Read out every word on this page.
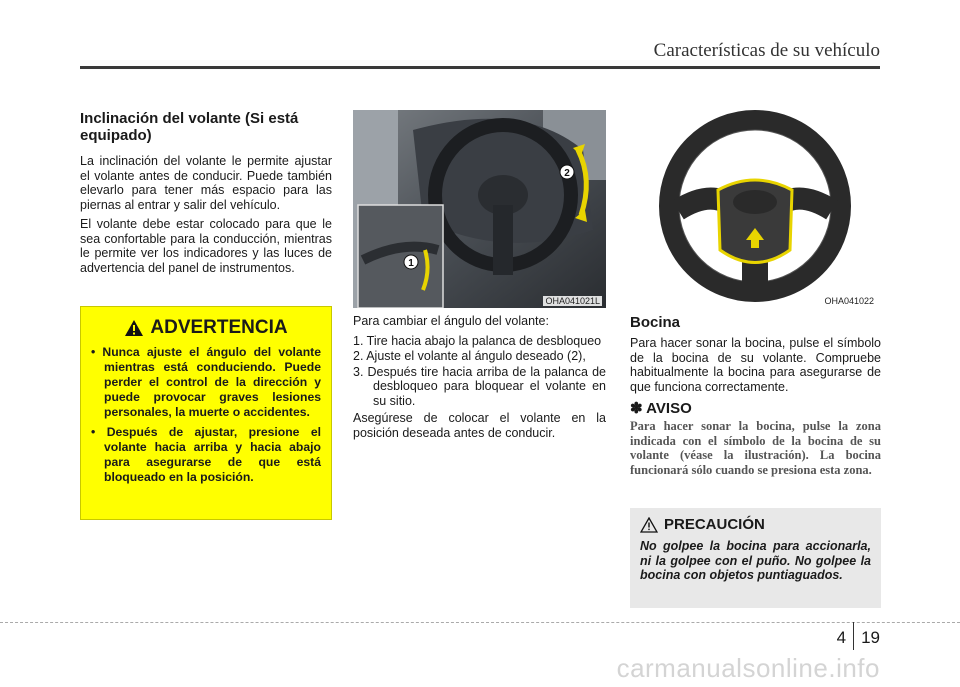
Características de su vehículo
Inclinación del volante (Si está equipado)

La inclinación del volante le permite ajustar el volante antes de conducir. Puede también elevarlo para tener más espacio para las piernas al entrar y salir del vehículo.

El volante debe estar colocado para que le sea confortable para la conducción, mientras le permite ver los indicadores y las luces de advertencia del panel de instrumentos.

ADVERTENCIA
• Nunca ajuste el ángulo del volante mientras está conduciendo. Puede perder el control de la dirección y puede provocar graves lesiones personales, la muerte o accidentes.
• Después de ajustar, presione el volante hacia arriba y hacia abajo para asegurarse de que está bloqueado en la posición.
2
1
OHA041021L	OHA041022

Para cambiar el ángulo del volante:

1. Tire hacia abajo la palanca de desbloqueo
2. Ajuste el volante al ángulo deseado (2),
3. Después tire hacia arriba de la palanca de desbloqueo para bloquear el volante en su sitio.

Asegúrese de colocar el volante en la posición deseada antes de conducir.

Bocina

Para hacer sonar la bocina, pulse el símbolo de la bocina de su volante. Compruebe habitualmente la bocina para asegurarse de que funciona correctamente.

✽ AVISO

Para hacer sonar la bocina, pulse la zona indicada con el símbolo de la bocina de su volante (véase la ilustración). La bocina funcionará sólo cuando se presiona esta zona.

PRECAUCIÓN

No golpee la bocina para accionarla, ni la golpee con el puño. No golpee la bocina con objetos puntiaguados.

4 19
carmanualsonline.info
